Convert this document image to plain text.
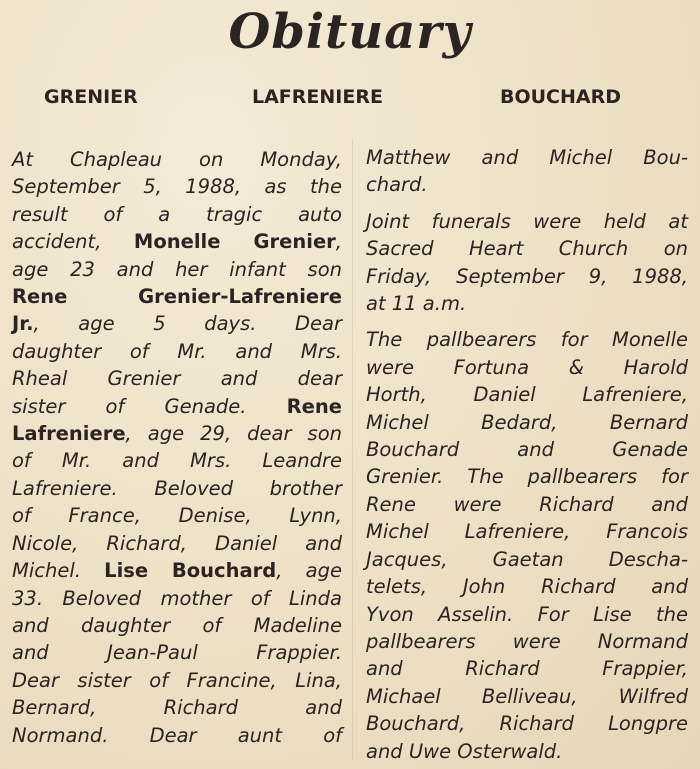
Obituary
GRENIER	LAFRENIERE	BOUCHARD
At Chapleau on Monday,
September 5, 1988, as the
result of a tragic auto
accident, Monelle Grenier,
age 23 and her infant son
Rene Grenier-Lafreniere
Jr., age 5 days. Dear
daughter of Mr. and Mrs.
Rheal Grenier and dear
sister of Genade. Rene
Lafreniere, age 29, dear son
of Mr. and Mrs. Leandre
Lafreniere. Beloved brother
of France, Denise, Lynn,
Nicole, Richard, Daniel and
Michel. Lise Bouchard, age
33. Beloved mother of Linda
and daughter of Madeline
and Jean-Paul Frappier.
Dear sister of Francine, Lina,
Bernard, Richard and
Normand. Dear aunt of
Matthew and Michel Bou-
chard.
Joint funerals were held at
Sacred Heart Church on
Friday, September 9, 1988,
at 11 a.m.
The pallbearers for Monelle
were Fortuna & Harold
Horth, Daniel Lafreniere,
Michel Bedard, Bernard
Bouchard and Genade
Grenier. The pallbearers for
Rene were Richard and
Michel Lafreniere, Francois
Jacques, Gaetan Descha-
telets, John Richard and
Yvon Asselin. For Lise the
pallbearers were Normand
and Richard Frappier,
Michael Belliveau, Wilfred
Bouchard, Richard Longpre
and Uwe Osterwald.
